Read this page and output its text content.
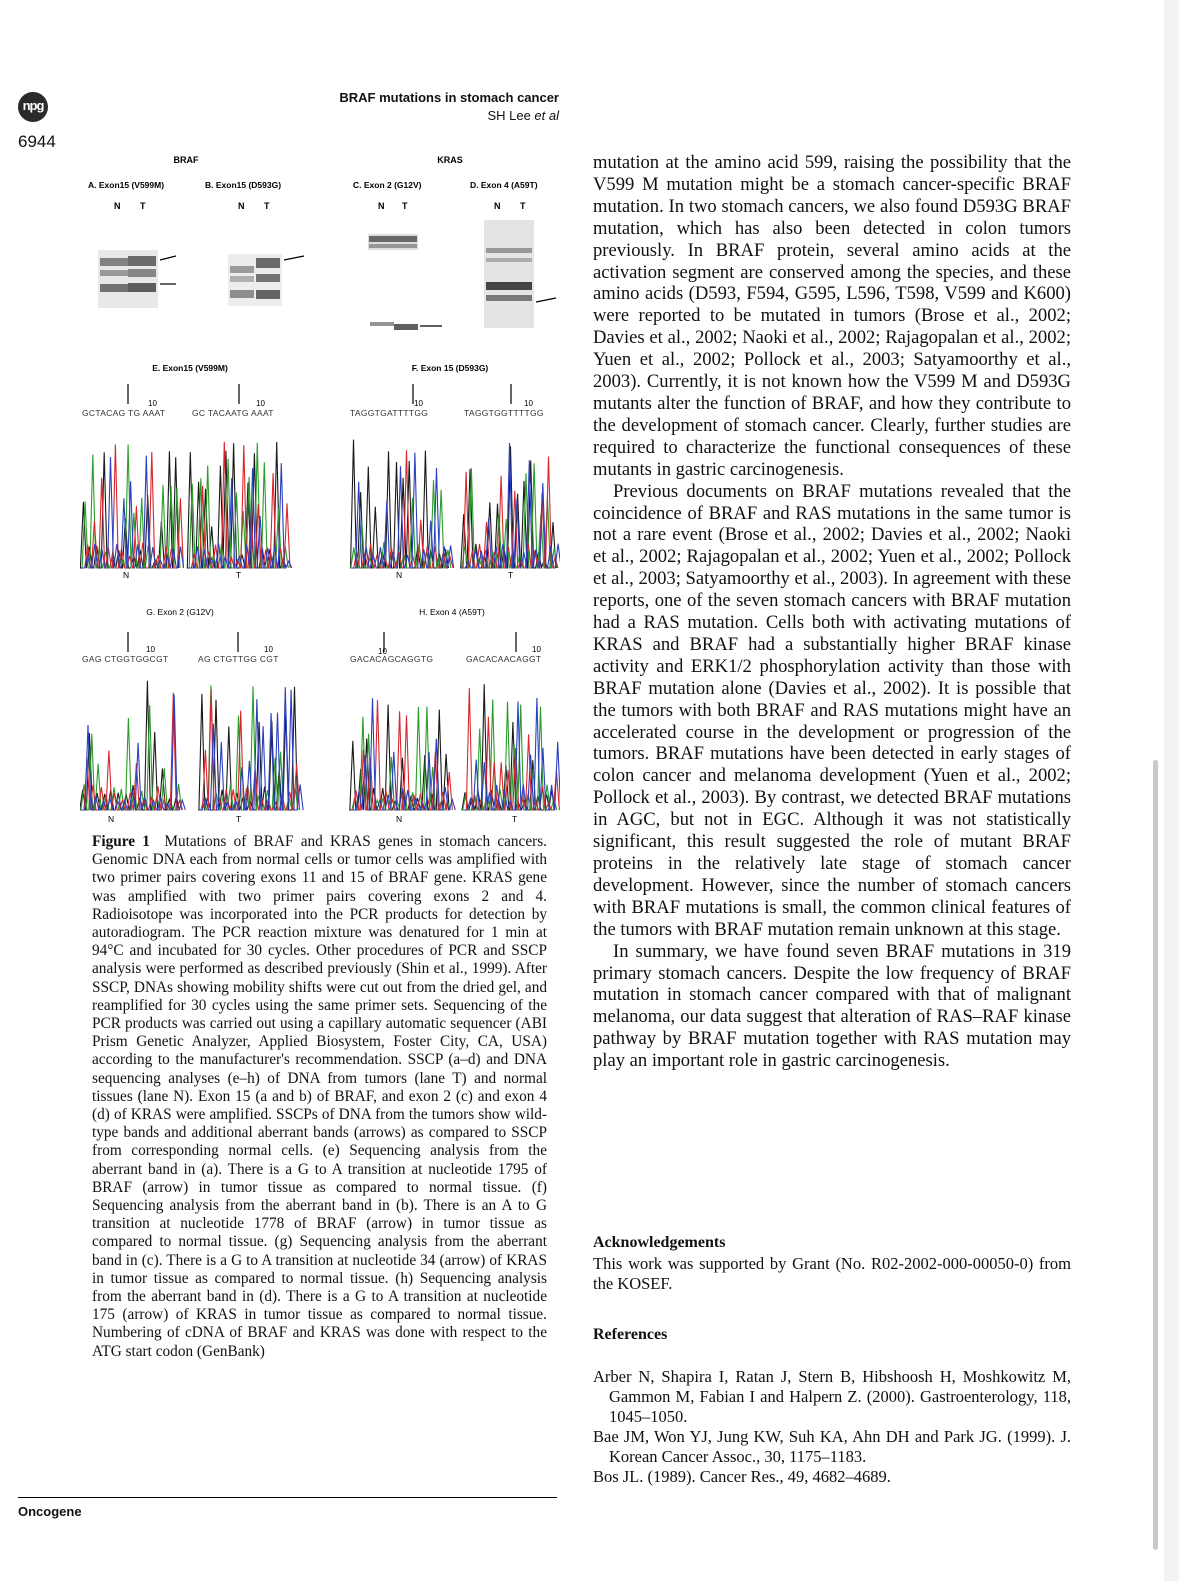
npg
BRAF mutations in stomach cancer
SH Lee et al
6944
BRAF	KRAS
A. Exon15 (V599M)	B. Exon15 (D593G)	C. Exon 2 (G12V)	D. Exon 4 (A59T)
N T	N T	N T	N T
E. Exon15 (V599M)	F. Exon 15 (D593G)
10	10	10	10
GCTACAG TG AAAT	GC TACAATG AAAT	TAGGTGATTTTGG	TAGGTGGTTTTGG
N	T	N	T
G. Exon 2 (G12V)	H. Exon 4 (A59T)
10	10	10	10
GAG CTGGTGGCGT	AG CTGTTGG CGT	GACACAGCAGGTG	GACACAACAGGT
N	T	N	T
Figure 1 Mutations of BRAF and KRAS genes in stomach cancers. Genomic DNA each from normal cells or tumor cells was amplified with two primer pairs covering exons 11 and 15 of BRAF gene. KRAS gene was amplified with two primer pairs covering exons 2 and 4. Radioisotope was incorporated into the PCR products for detection by autoradiogram. The PCR reaction mixture was denatured for 1 min at 94°C and incubated for 30 cycles. Other procedures of PCR and SSCP analysis were performed as described previously (Shin et al., 1999). After SSCP, DNAs showing mobility shifts were cut out from the dried gel, and reamplified for 30 cycles using the same primer sets. Sequencing of the PCR products was carried out using a capillary automatic sequencer (ABI Prism Genetic Analyzer, Applied Biosystem, Foster City, CA, USA) according to the manufacturer's recommendation. SSCP (a–d) and DNA sequencing analyses (e–h) of DNA from tumors (lane T) and normal tissues (lane N). Exon 15 (a and b) of BRAF, and exon 2 (c) and exon 4 (d) of KRAS were amplified. SSCPs of DNA from the tumors show wild-type bands and additional aberrant bands (arrows) as compared to SSCP from corresponding normal cells. (e) Sequencing analysis from the aberrant band in (a). There is a G to A transition at nucleotide 1795 of BRAF (arrow) in tumor tissue as compared to normal tissue. (f) Sequencing analysis from the aberrant band in (b). There is an A to G transition at nucleotide 1778 of BRAF (arrow) in tumor tissue as compared to normal tissue. (g) Sequencing analysis from the aberrant band in (c). There is a G to A transition at nucleotide 34 (arrow) of KRAS in tumor tissue as compared to normal tissue. (h) Sequencing analysis from the aberrant band in (d). There is a G to A transition at nucleotide 175 (arrow) of KRAS in tumor tissue as compared to normal tissue. Numbering of cDNA of BRAF and KRAS was done with respect to the ATG start codon (GenBank)

mutation at the amino acid 599, raising the possibility that the V599 M mutation might be a stomach cancer-specific BRAF mutation. In two stomach cancers, we also found D593G BRAF mutation, which has also been detected in colon tumors previously. In BRAF protein, several amino acids at the activation segment are conserved among the species, and these amino acids (D593, F594, G595, L596, T598, V599 and K600) were reported to be mutated in tumors (Brose et al., 2002; Davies et al., 2002; Naoki et al., 2002; Rajagopalan et al., 2002; Yuen et al., 2002; Pollock et al., 2003; Satyamoorthy et al., 2003). Currently, it is not known how the V599 M and D593G mutants alter the function of BRAF, and how they contribute to the development of stomach cancer. Clearly, further studies are required to characterize the functional consequences of these mutants in gastric carcinogenesis.

Previous documents on BRAF mutations revealed that the coincidence of BRAF and RAS mutations in the same tumor is not a rare event (Brose et al., 2002; Davies et al., 2002; Naoki et al., 2002; Rajagopalan et al., 2002; Yuen et al., 2002; Pollock et al., 2003; Satyamoorthy et al., 2003). In agreement with these reports, one of the seven stomach cancers with BRAF mutation had a RAS mutation. Cells both with activating mutations of KRAS and BRAF had a substantially higher BRAF kinase activity and ERK1/2 phosphorylation activity than those with BRAF mutation alone (Davies et al., 2002). It is possible that the tumors with both BRAF and RAS mutations might have an accelerated course in the development or progression of the tumors. BRAF mutations have been detected in early stages of colon cancer and melanoma development (Yuen et al., 2002; Pollock et al., 2003). By contrast, we detected BRAF mutations in AGC, but not in EGC. Although it was not statistically significant, this result suggested the role of mutant BRAF proteins in the relatively late stage of stomach cancer development. However, since the number of stomach cancers with BRAF mutations is small, the common clinical features of the tumors with BRAF mutation remain unknown at this stage.

In summary, we have found seven BRAF mutations in 319 primary stomach cancers. Despite the low frequency of BRAF mutation in stomach cancer compared with that of malignant melanoma, our data suggest that alteration of RAS–RAF kinase pathway by BRAF mutation together with RAS mutation may play an important role in gastric carcinogenesis.

Acknowledgements
This work was supported by Grant (No. R02-2002-000-00050-0) from the KOSEF.
References
Arber N, Shapira I, Ratan J, Stern B, Hibshoosh H, Moshkowitz M, Gammon M, Fabian I and Halpern Z. (2000). Gastroenterology, 118, 1045–1050.
Bae JM, Won YJ, Jung KW, Suh KA, Ahn DH and Park JG. (1999). J. Korean Cancer Assoc., 30, 1175–1183.
Bos JL. (1989). Cancer Res., 49, 4682–4689.
Oncogene
